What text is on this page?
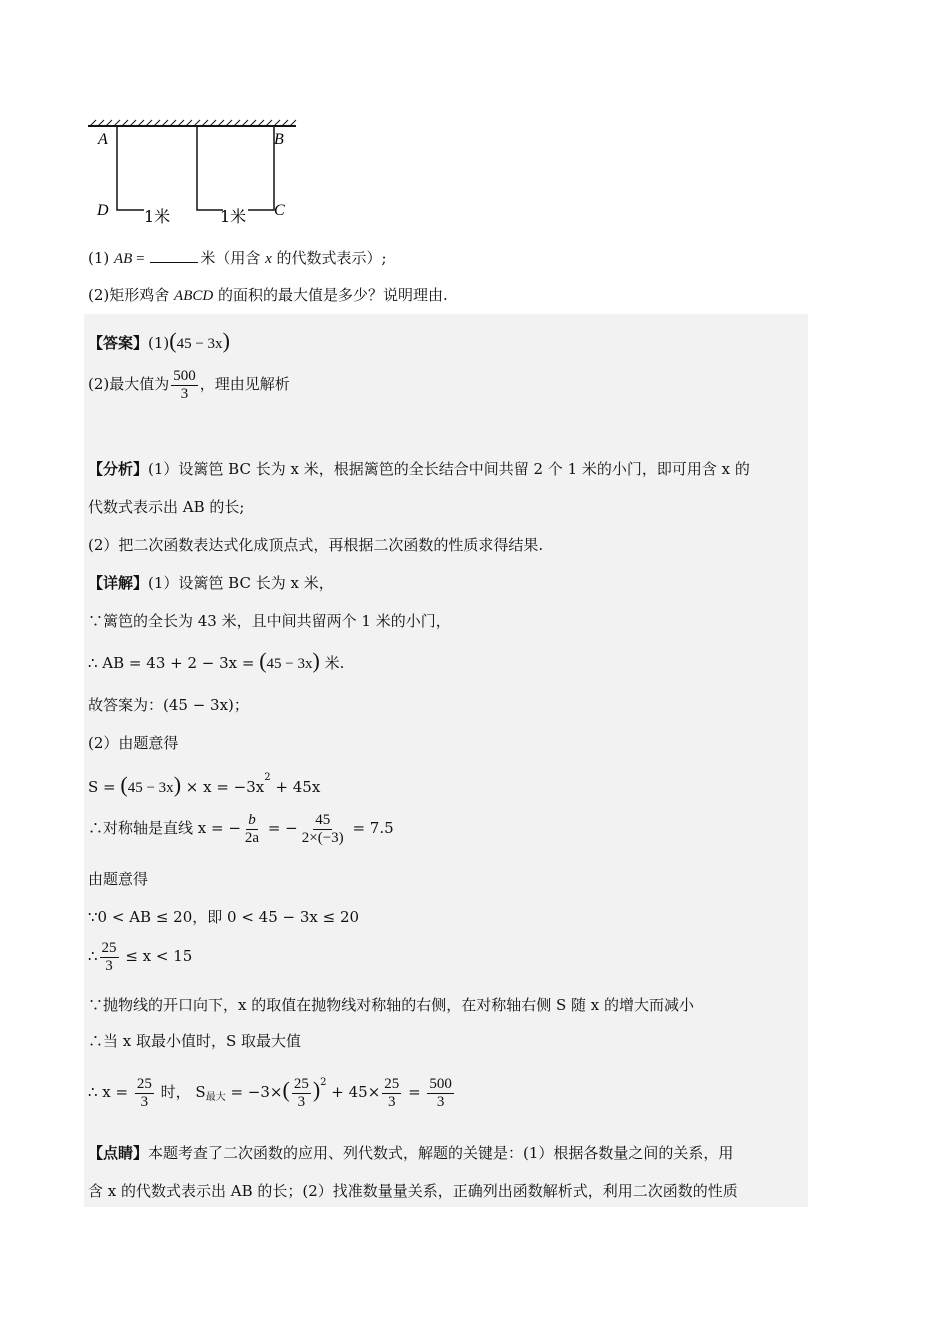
A	B
C
D 1米	1米
(1) AB =	米（用含 x 的代数式表示）;
(2)矩形鸡舍 ABCD 的面积的最大值是多少？说明理由.
【答案】(1)(45 − 3x)
(2)最大值为 $\frac{500}{3}$ ，理由见解析
【分析】(1）设篱笆 BC 长为 x 米，根据篱笆的全长结合中间共留 2 个 1 米的小门，即可用含 x 的
代数式表示出 AB 的长;
(2）把二次函数表达式化成顶点式，再根据二次函数的性质求得结果.
【详解】(1）设篱笆 BC 长为 x 米，
∵篱笆的全长为 43 米，且中间共留两个 1 米的小门，
∴ AB = 43 + 2 − 3x = (45 − 3x) 米.
故答案为：(45 − 3x)；
(2）由题意得
$S = (45 - 3x) \times x = -3x^2 + 45x$
∴对称轴是直线 x = − $\frac{b}{2a}$ = − $\frac{45}{2\times(-3)} = 7.5$
由题意得
∵0 < AB ≤ 20，即 0 < 45 − 3x ≤ 20
∴ $\frac{25}{3} \le x < 15$
∵抛物线的开口向下，x 的取值在抛物线对称轴的右侧，在对称轴右侧 S 随 x 的增大而减小
∴当 x 取最小值时，S 取最大值
∴ $x = \frac{25}{3}$ 时， $S_{最大} = -3\times( \frac{25}{3} )^2 + 45\times \frac{25}{3} = \frac{500}{3}$
【点睛】本题考查了二次函数的应用、列代数式，解题的关键是：(1）根据各数量之间的关系，用
含 x 的代数式表示出 AB 的长；(2）找准数量量关系，正确列出函数解析式，利用二次函数的性质
